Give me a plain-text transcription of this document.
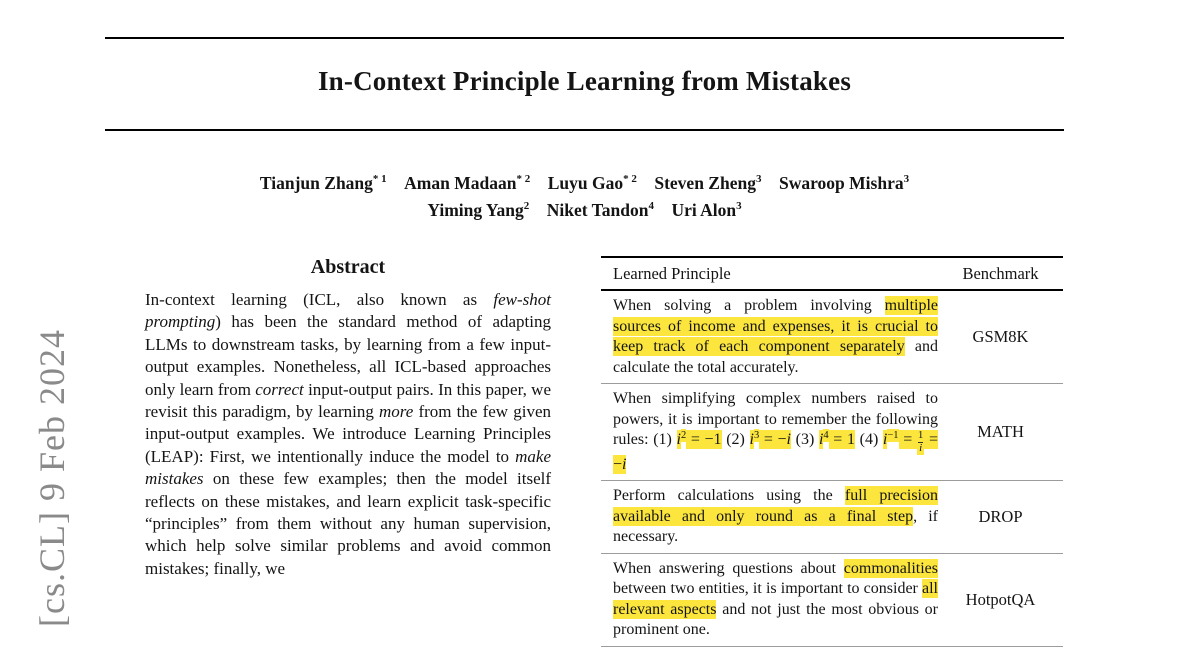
[cs.CL] 9 Feb 2024
In-Context Principle Learning from Mistakes
Tianjun Zhang$^{* 1}$  Aman Madaan$^{* 2}$  Luyu Gao$^{* 2}$  Steven Zheng$^3$  Swaroop Mishra$^3$
Yiming Yang$^2$  Niket Tandon$^4$  Uri Alon$^3$
Abstract

In-context learning (ICL, also known as few-shot prompting) has been the standard method of adapting LLMs to downstream tasks, by learning from a few input-output examples. Nonetheless, all ICL-based approaches only learn from correct input-output pairs. In this paper, we revisit this paradigm, by learning more from the few given input-output examples. We introduce Learning Principles (LEAP): First, we intentionally induce the model to make mistakes on these few examples; then the model itself reflects on these mistakes, and learn explicit task-specific “principles” from them without any human supervision, which help solve similar problems and avoid common mistakes; finally, we

Learned Principle	Benchmark
When solving a problem involving multiple sources of income and expenses, it is crucial to keep track of each component separately and calculate the total accurately.
GSM8K
When simplifying complex numbers raised to powers, it is important to remember the following rules: (1) $i^2 = -1$ (2) $i^3 = -i$ (3) $i^4 = 1$ (4) $i^{-1} = \frac{1}{i} = -i$
MATH
Perform calculations using the full precision available and only round as a final step, if necessary.
DROP
When answering questions about commonalities between two entities, it is important to consider all relevant aspects and not just the most obvious or prominent one.
HotpotQA
